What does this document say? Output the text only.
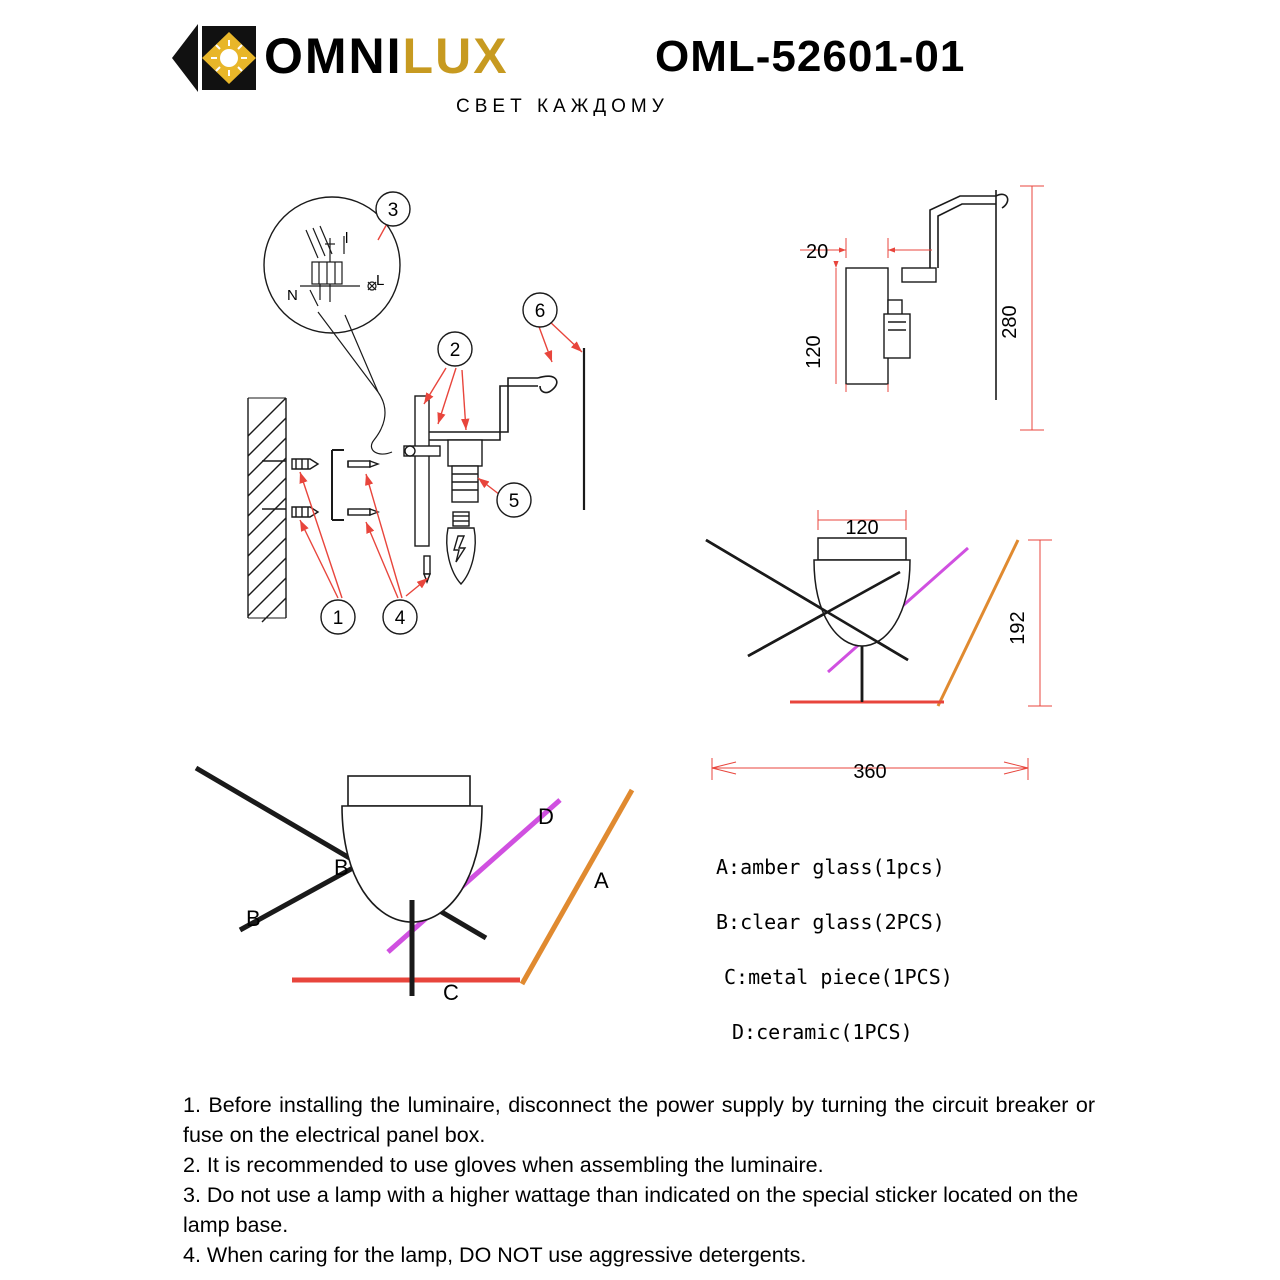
OMNILUX
СВЕТ КАЖДОМУ
OML-52601-01
1	4
3
2
5
6
N
L
l
20
120
280
120
192
360
D
A
B
B
C
A:amber glass(1pcs)
B:clear glass(2PCS)
C:metal piece(1PCS)
D:ceramic(1PCS)

1. Before installing the luminaire, disconnect the power supply by turning the circuit breaker or fuse on the electrical panel box.

2. It is recommended to use gloves when assembling the luminaire.

3. Do not use a lamp with a higher wattage than indicated on the special sticker located on the lamp base.

4. When caring for the lamp, DO NOT use aggressive detergents.
